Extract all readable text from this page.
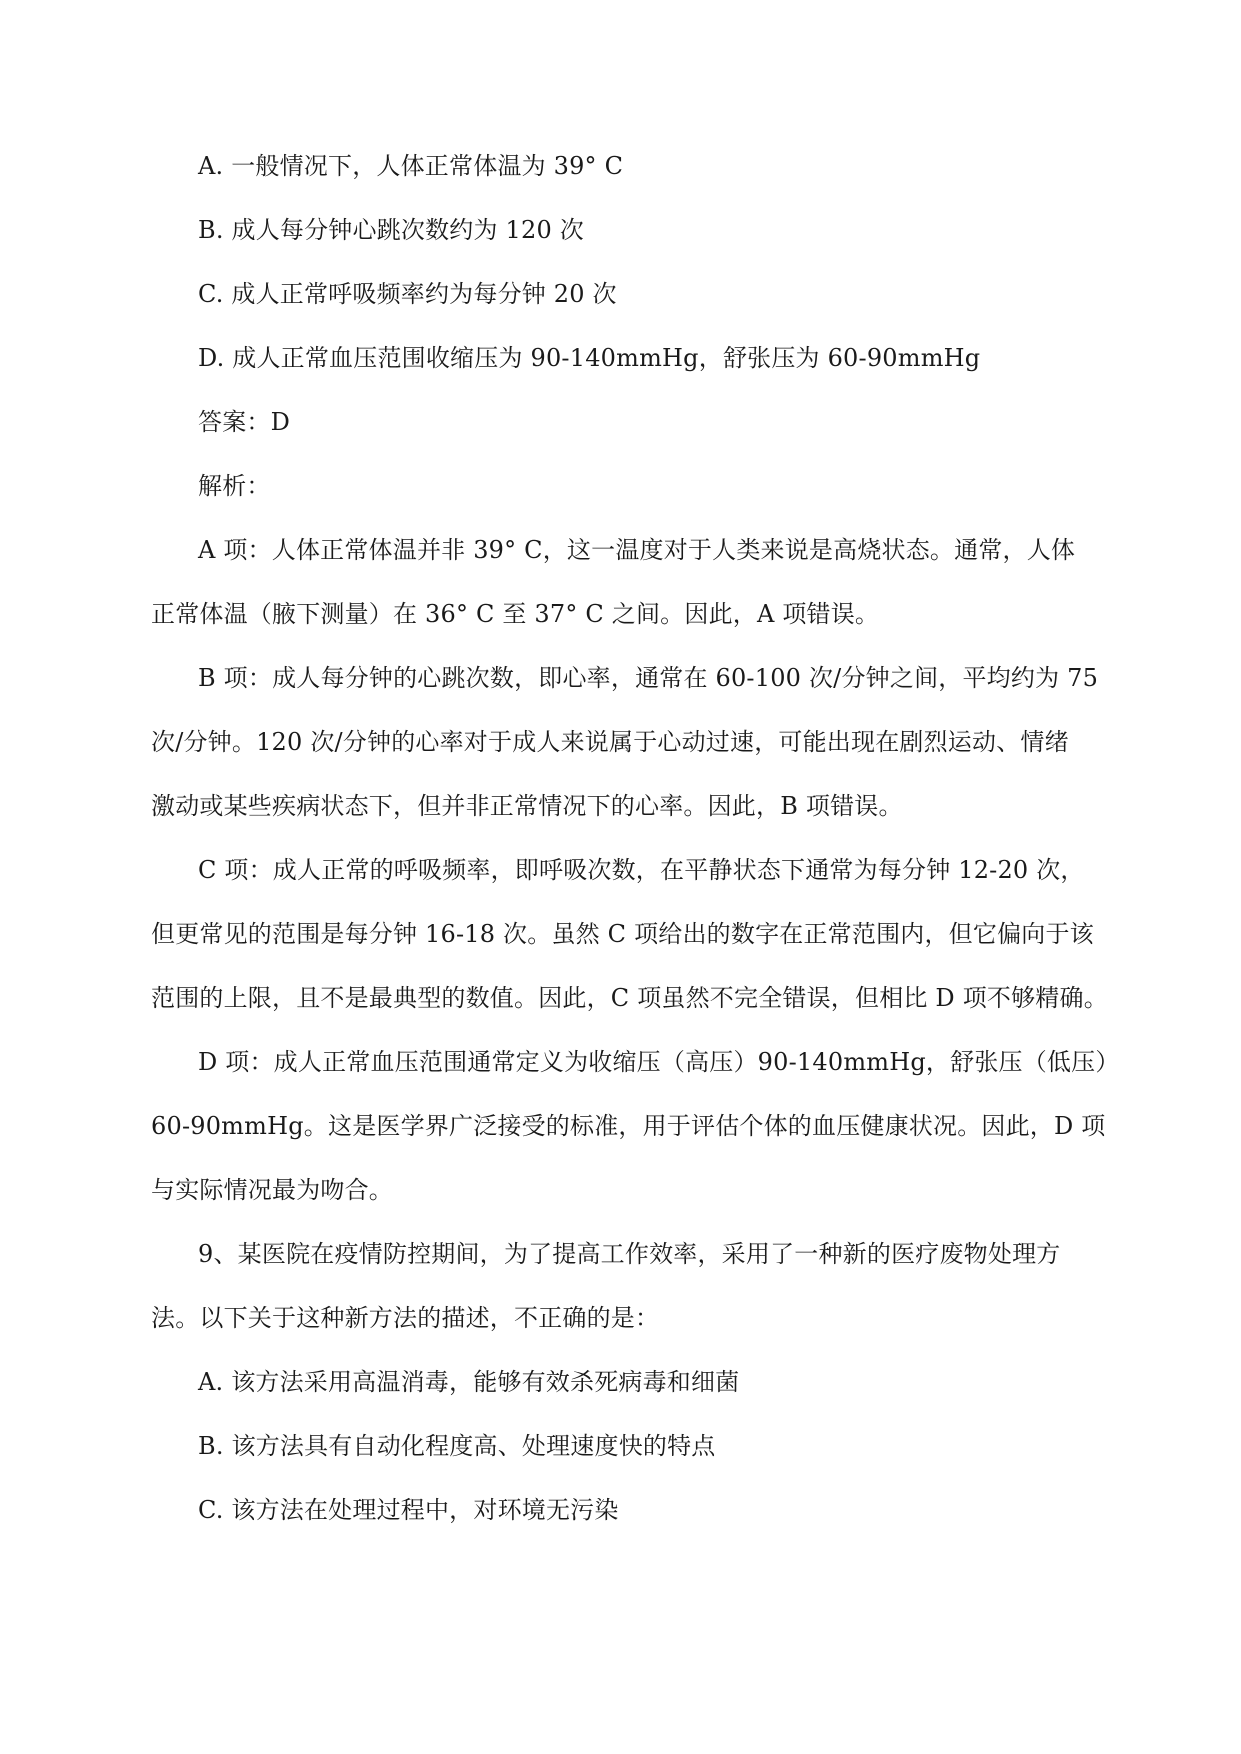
A. 一般情况下，人体正常体温为 39° C
B. 成人每分钟心跳次数约为 120 次
C. 成人正常呼吸频率约为每分钟 20 次
D. 成人正常血压范围收缩压为 90-140mmHg，舒张压为 60-90mmHg
答案：D
解析：
A 项：人体正常体温并非 39° C，这一温度对于人类来说是高烧状态。通常，人体
正常体温（腋下测量）在 36° C 至 37° C 之间。因此，A 项错误。
B 项：成人每分钟的心跳次数，即心率，通常在 60-100 次/分钟之间，平均约为 75
次/分钟。120 次/分钟的心率对于成人来说属于心动过速，可能出现在剧烈运动、情绪
激动或某些疾病状态下，但并非正常情况下的心率。因此，B 项错误。
C 项：成人正常的呼吸频率，即呼吸次数，在平静状态下通常为每分钟 12-20 次，
但更常见的范围是每分钟 16-18 次。虽然 C 项给出的数字在正常范围内，但它偏向于该
范围的上限，且不是最典型的数值。因此，C 项虽然不完全错误，但相比 D 项不够精确。
D 项：成人正常血压范围通常定义为收缩压（高压）90-140mmHg，舒张压（低压）
60-90mmHg。这是医学界广泛接受的标准，用于评估个体的血压健康状况。因此，D 项
与实际情况最为吻合。
9、某医院在疫情防控期间，为了提高工作效率，采用了一种新的医疗废物处理方
法。以下关于这种新方法的描述，不正确的是：
A. 该方法采用高温消毒，能够有效杀死病毒和细菌
B. 该方法具有自动化程度高、处理速度快的特点
C. 该方法在处理过程中，对环境无污染
